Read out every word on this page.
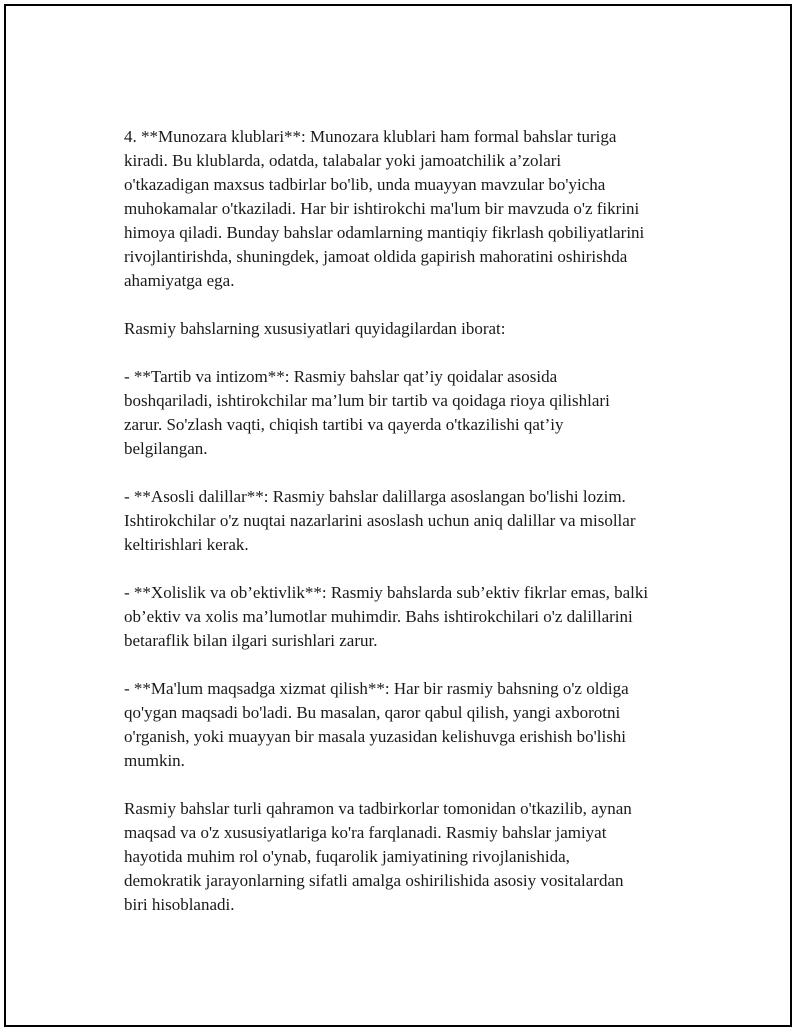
4. **Munozara klublari**: Munozara klublari ham formal bahslar turiga
kiradi. Bu klublarda, odatda, talabalar yoki jamoatchilik a’zolari
o'tkazadigan maxsus tadbirlar bo'lib, unda muayyan mavzular bo'yicha
muhokamalar o'tkaziladi. Har bir ishtirokchi ma'lum bir mavzuda o'z fikrini
himoya qiladi. Bunday bahslar odamlarning mantiqiy fikrlash qobiliyatlarini
rivojlantirishda, shuningdek, jamoat oldida gapirish mahoratini oshirishda
ahamiyatga ega.

Rasmiy bahslarning xususiyatlari quyidagilardan iborat:

- **Tartib va intizom**: Rasmiy bahslar qat’iy qoidalar asosida
boshqariladi, ishtirokchilar ma’lum bir tartib va qoidaga rioya qilishlari
zarur. So'zlash vaqti, chiqish tartibi va qayerda o'tkazilishi qat’iy
belgilangan.

- **Asosli dalillar**: Rasmiy bahslar dalillarga asoslangan bo'lishi lozim.
Ishtirokchilar o'z nuqtai nazarlarini asoslash uchun aniq dalillar va misollar
keltirishlari kerak.

- **Xolislik va ob’ektivlik**: Rasmiy bahslarda sub’ektiv fikrlar emas, balki
ob’ektiv va xolis ma’lumotlar muhimdir. Bahs ishtirokchilari o'z dalillarini
betaraflik bilan ilgari surishlari zarur.

- **Ma'lum maqsadga xizmat qilish**: Har bir rasmiy bahsning o'z oldiga
qo'ygan maqsadi bo'ladi. Bu masalan, qaror qabul qilish, yangi axborotni
o'rganish, yoki muayyan bir masala yuzasidan kelishuvga erishish bo'lishi
mumkin.

Rasmiy bahslar turli qahramon va tadbirkorlar tomonidan o'tkazilib, aynan
maqsad va o'z xususiyatlariga ko'ra farqlanadi. Rasmiy bahslar jamiyat
hayotida muhim rol o'ynab, fuqarolik jamiyatining rivojlanishida,
demokratik jarayonlarning sifatli amalga oshirilishida asosiy vositalardan
biri hisoblanadi.
